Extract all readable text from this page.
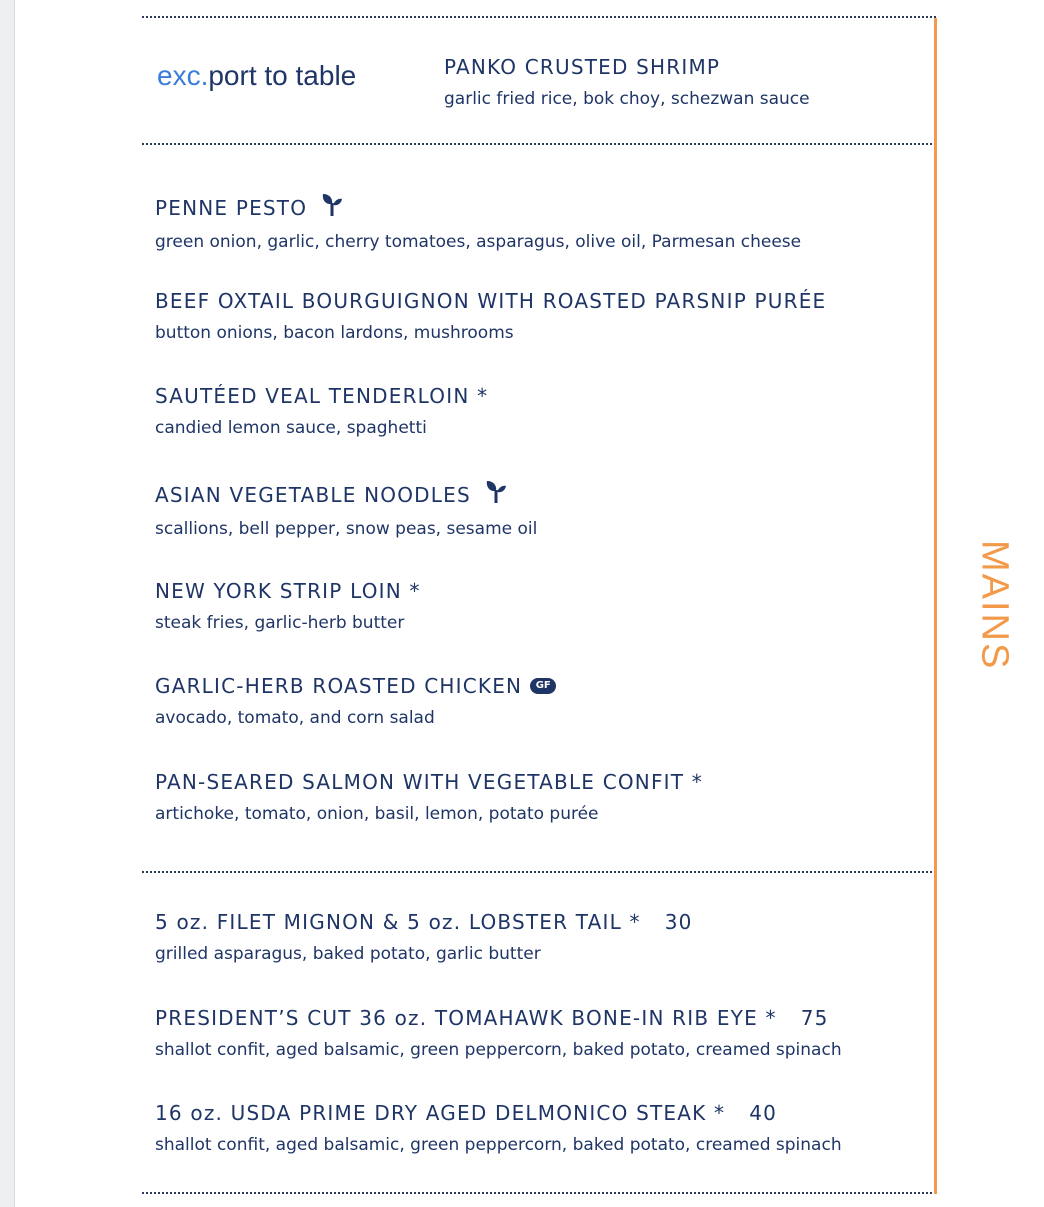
MAINS
exc.port to table	PANKO CRUSTED SHRIMP
garlic fried rice, bok choy, schezwan sauce
PENNE PESTO
green onion, garlic, cherry tomatoes, asparagus, olive oil, Parmesan cheese
BEEF OXTAIL BOURGUIGNON WITH ROASTED PARSNIP PURÉE
button onions, bacon lardons, mushrooms
SAUTÉED VEAL TENDERLOIN *
candied lemon sauce, spaghetti
ASIAN VEGETABLE NOODLES
scallions, bell pepper, snow peas, sesame oil
NEW YORK STRIP LOIN *
steak fries, garlic-herb butter
GARLIC-HERB ROASTED CHICKEN	GF
avocado, tomato, and corn salad
PAN-SEARED SALMON WITH VEGETABLE CONFIT *
artichoke, tomato, onion, basil, lemon, potato purée
5 oz. FILET MIGNON & 5 oz. LOBSTER TAIL * 30
grilled asparagus, baked potato, garlic butter
PRESIDENT’S CUT 36 oz. TOMAHAWK BONE-IN RIB EYE * 75
shallot confit, aged balsamic, green peppercorn, baked potato, creamed spinach
16 oz. USDA PRIME DRY AGED DELMONICO STEAK * 40
shallot confit, aged balsamic, green peppercorn, baked potato, creamed spinach
